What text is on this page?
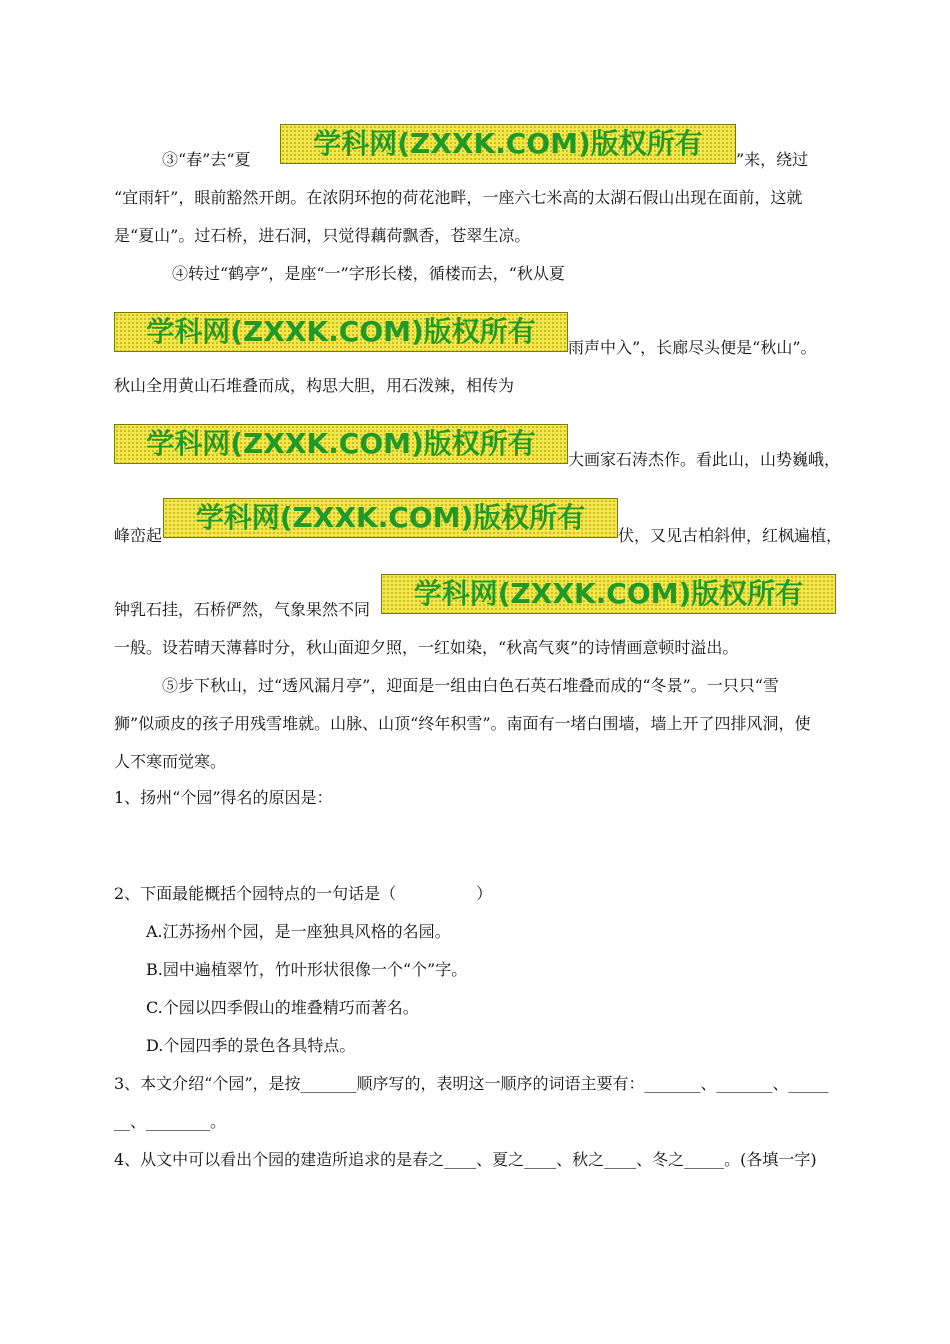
③“春”去“夏	学科网(ZXXK.COM)版权所有	”来，绕过
“宜雨轩”，眼前豁然开朗。在浓阴环抱的荷花池畔，一座六七米高的太湖石假山出现在面前，这就
是“夏山”。过石桥，进石洞，只觉得藕荷飘香，苍翠生凉。
④转过“鹤亭”，是座“一”字形长楼，循楼而去，“秋从夏
学科网(ZXXK.COM)版权所有	雨声中入”，长廊尽头便是“秋山”。
秋山全用黄山石堆叠而成，构思大胆，用石泼辣，相传为
学科网(ZXXK.COM)版权所有	大画家石涛杰作。看此山，山势巍峨，
峰峦起
学科网(ZXXK.COM)版权所有
伏，又见古柏斜伸，红枫遍植，
钟乳石挂，石桥俨然，气象果然不同	学科网(ZXXK.COM)版权所有
一般。设若晴天薄暮时分，秋山面迎夕照，一红如染，“秋高气爽”的诗情画意顿时溢出。
⑤步下秋山，过“透风漏月亭”，迎面是一组由白色石英石堆叠而成的“冬景”。一只只“雪
狮”似顽皮的孩子用残雪堆就。山脉、山顶“终年积雪”。南面有一堵白围墙，墙上开了四排风洞，使
人不寒而觉寒。
1、扬州“个园”得名的原因是：
2、下面最能概括个园特点的一句话是（　　　　　）
A.江苏扬州个园，是一座独具风格的名园。
B.园中遍植翠竹，竹叶形状很像一个“个”字。
C.个园以四季假山的堆叠精巧而著名。
D.个园四季的景色各具特点。
3、本文介绍“个园”，是按_______顺序写的，表明这一顺序的词语主要有：_______、_______、_____
__、________。
4、从文中可以看出个园的建造所追求的是春之____、夏之____、秋之____、冬之_____。(各填一字)
